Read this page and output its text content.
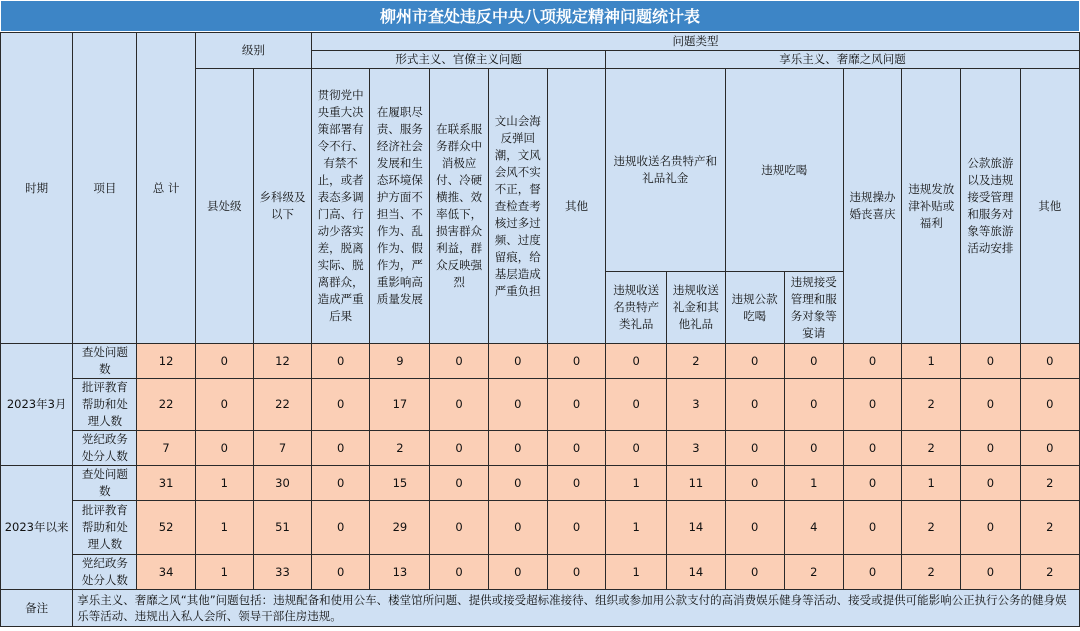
柳州市查处违反中央八项规定精神问题统计表
时期	项目	总 计	级别		问题类型												
					形式主义、官僚主义问题					享乐主义、奢靡之风问题							
			县处级	乡科级及以下	贯彻党中央重大决策部署有令不行、有禁不止，或者表态多调门高、行动少落实差，脱离实际、脱离群众，造成严重后果	在履职尽责、服务经济社会发展和生态环境保护方面不担当、不作为、乱作为、假作为，严重影响高质量发展	在联系服务群众中消极应付、冷硬横推、效率低下，损害群众利益，群众反映强烈	文山会海反弹回潮，文风会风不实不正，督查检查考核过多过频、过度留痕，给基层造成严重负担	其他	违规收送名贵特产和礼品礼金		违规吃喝		违规操办婚丧喜庆	违规发放津补贴或福利	公款旅游以及违规接受管理和服务对象等旅游活动安排	其他
										违规收送名贵特产类礼品	违规收送礼金和其他礼品	违规公款吃喝	违规接受管理和服务对象等宴请				
2023年3月	查处问题数	12	0	12	0	9	0	0	0	0	2	0	0	0	1	0	0
	批评教育帮助和处理人数	22	0	22	0	17	0	0	0	0	3	0	0	0	2	0	0
	党纪政务处分人数	7	0	7	0	2	0	0	0	0	3	0	0	0	2	0	0
2023年以来	查处问题数	31	1	30	0	15	0	0	0	1	11	0	1	0	1	0	2
	批评教育帮助和处理人数	52	1	51	0	29	0	0	0	1	14	0	4	0	2	0	2
	党纪政务处分人数	34	1	33	0	13	0	0	0	1	14	0	2	0	2	0	2
备注	享乐主义、奢靡之风“其他”问题包括：违规配备和使用公车、楼堂馆所问题、提供或接受超标准接待、组织或参加用公款支付的高消费娱乐健身等活动、接受或提供可能影响公正执行公务的健身娱乐等活动、违规出入私人会所、领导干部住房违规。																
